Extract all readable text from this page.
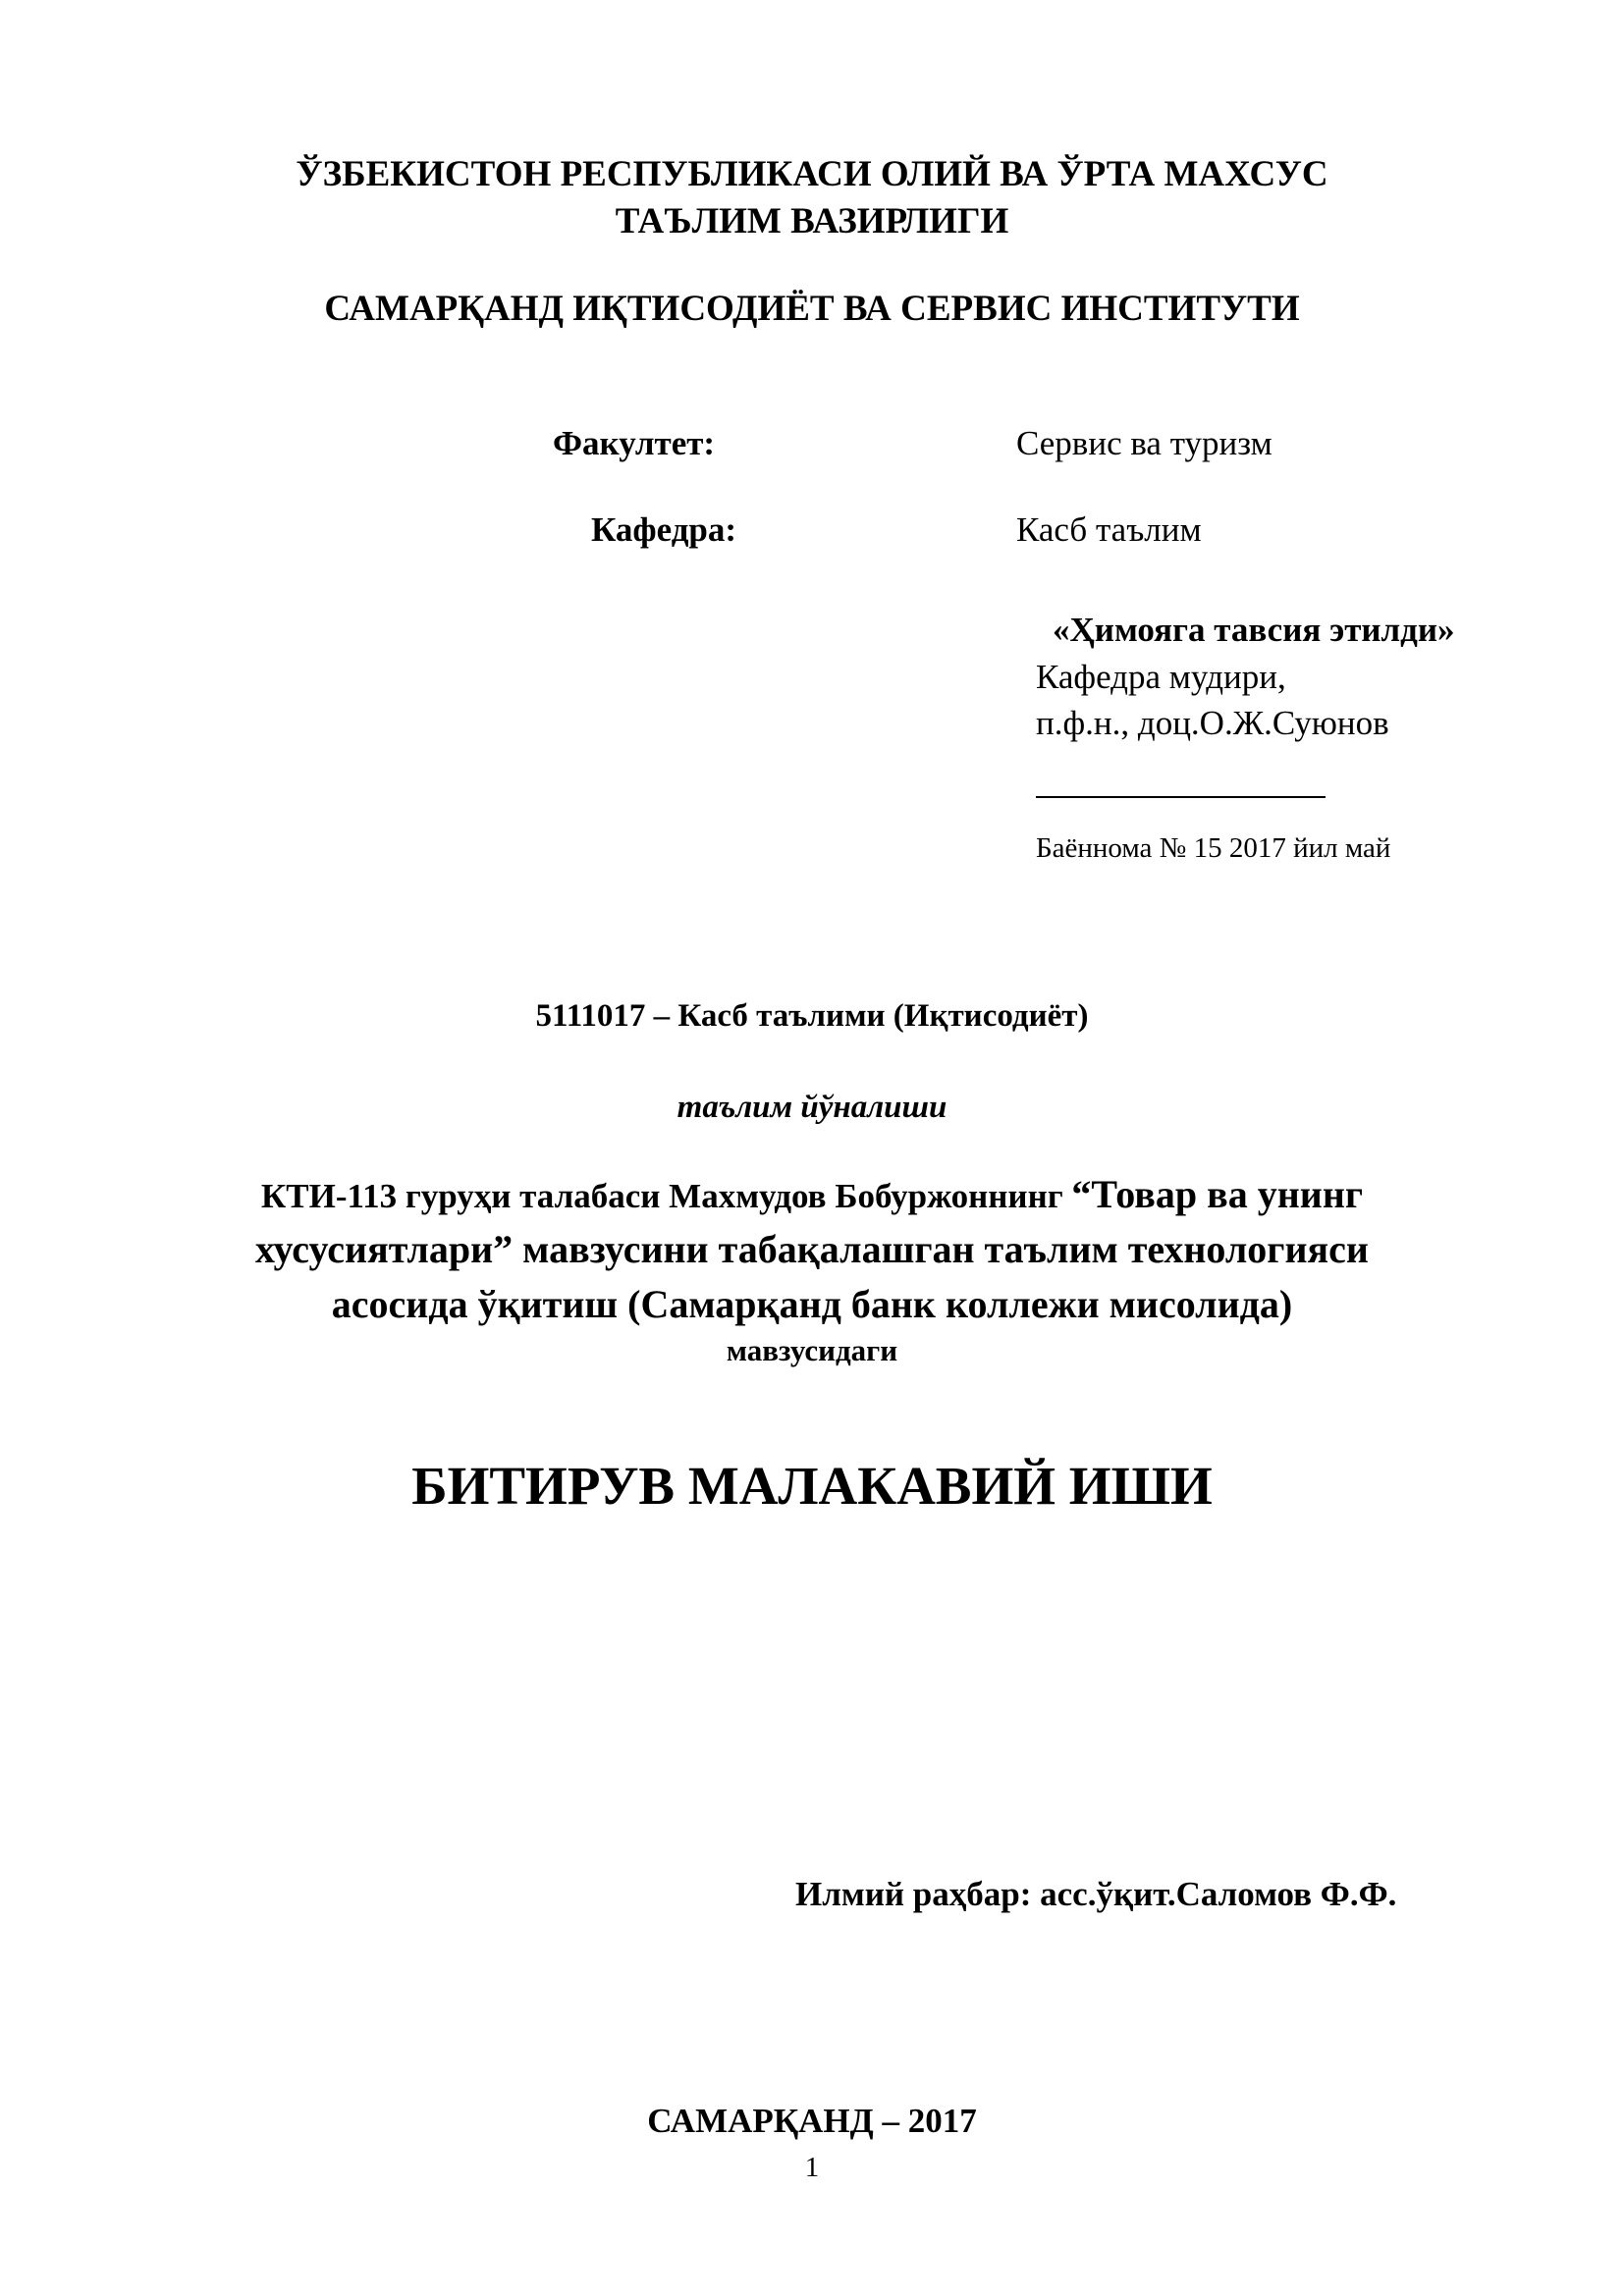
ЎЗБЕКИСТОН РЕСПУБЛИКАСИ ОЛИЙ ВА ЎРТА МАХСУС
ТАЪЛИМ ВАЗИРЛИГИ
САМАРҚАНД ИҚТИСОДИЁТ ВА СЕРВИС ИНСТИТУТИ
Факултет:	Сервис ва туризм
Кафедра:	Касб таълим
«Ҳимояга тавсия этилди»
Кафедра мудири,
п.ф.н., доц.О.Ж.Суюнов
Баённома № 15 2017 йил май
5111017 – Касб таълими (Иқтисодиёт)
таълим йўналиши
КТИ-113 гуруҳи талабаси Махмудов Бобуржоннинг “Товар ва унинг
хусусиятлари” мавзусини табақалашган таълим технологияси
асосида ўқитиш (Самарқанд банк коллежи мисолида)
мавзусидаги
БИТИРУВ МАЛАКАВИЙ ИШИ
Илмий раҳбар: асс.ўқит.Саломов Ф.Ф.
САМАРҚАНД – 2017
1
